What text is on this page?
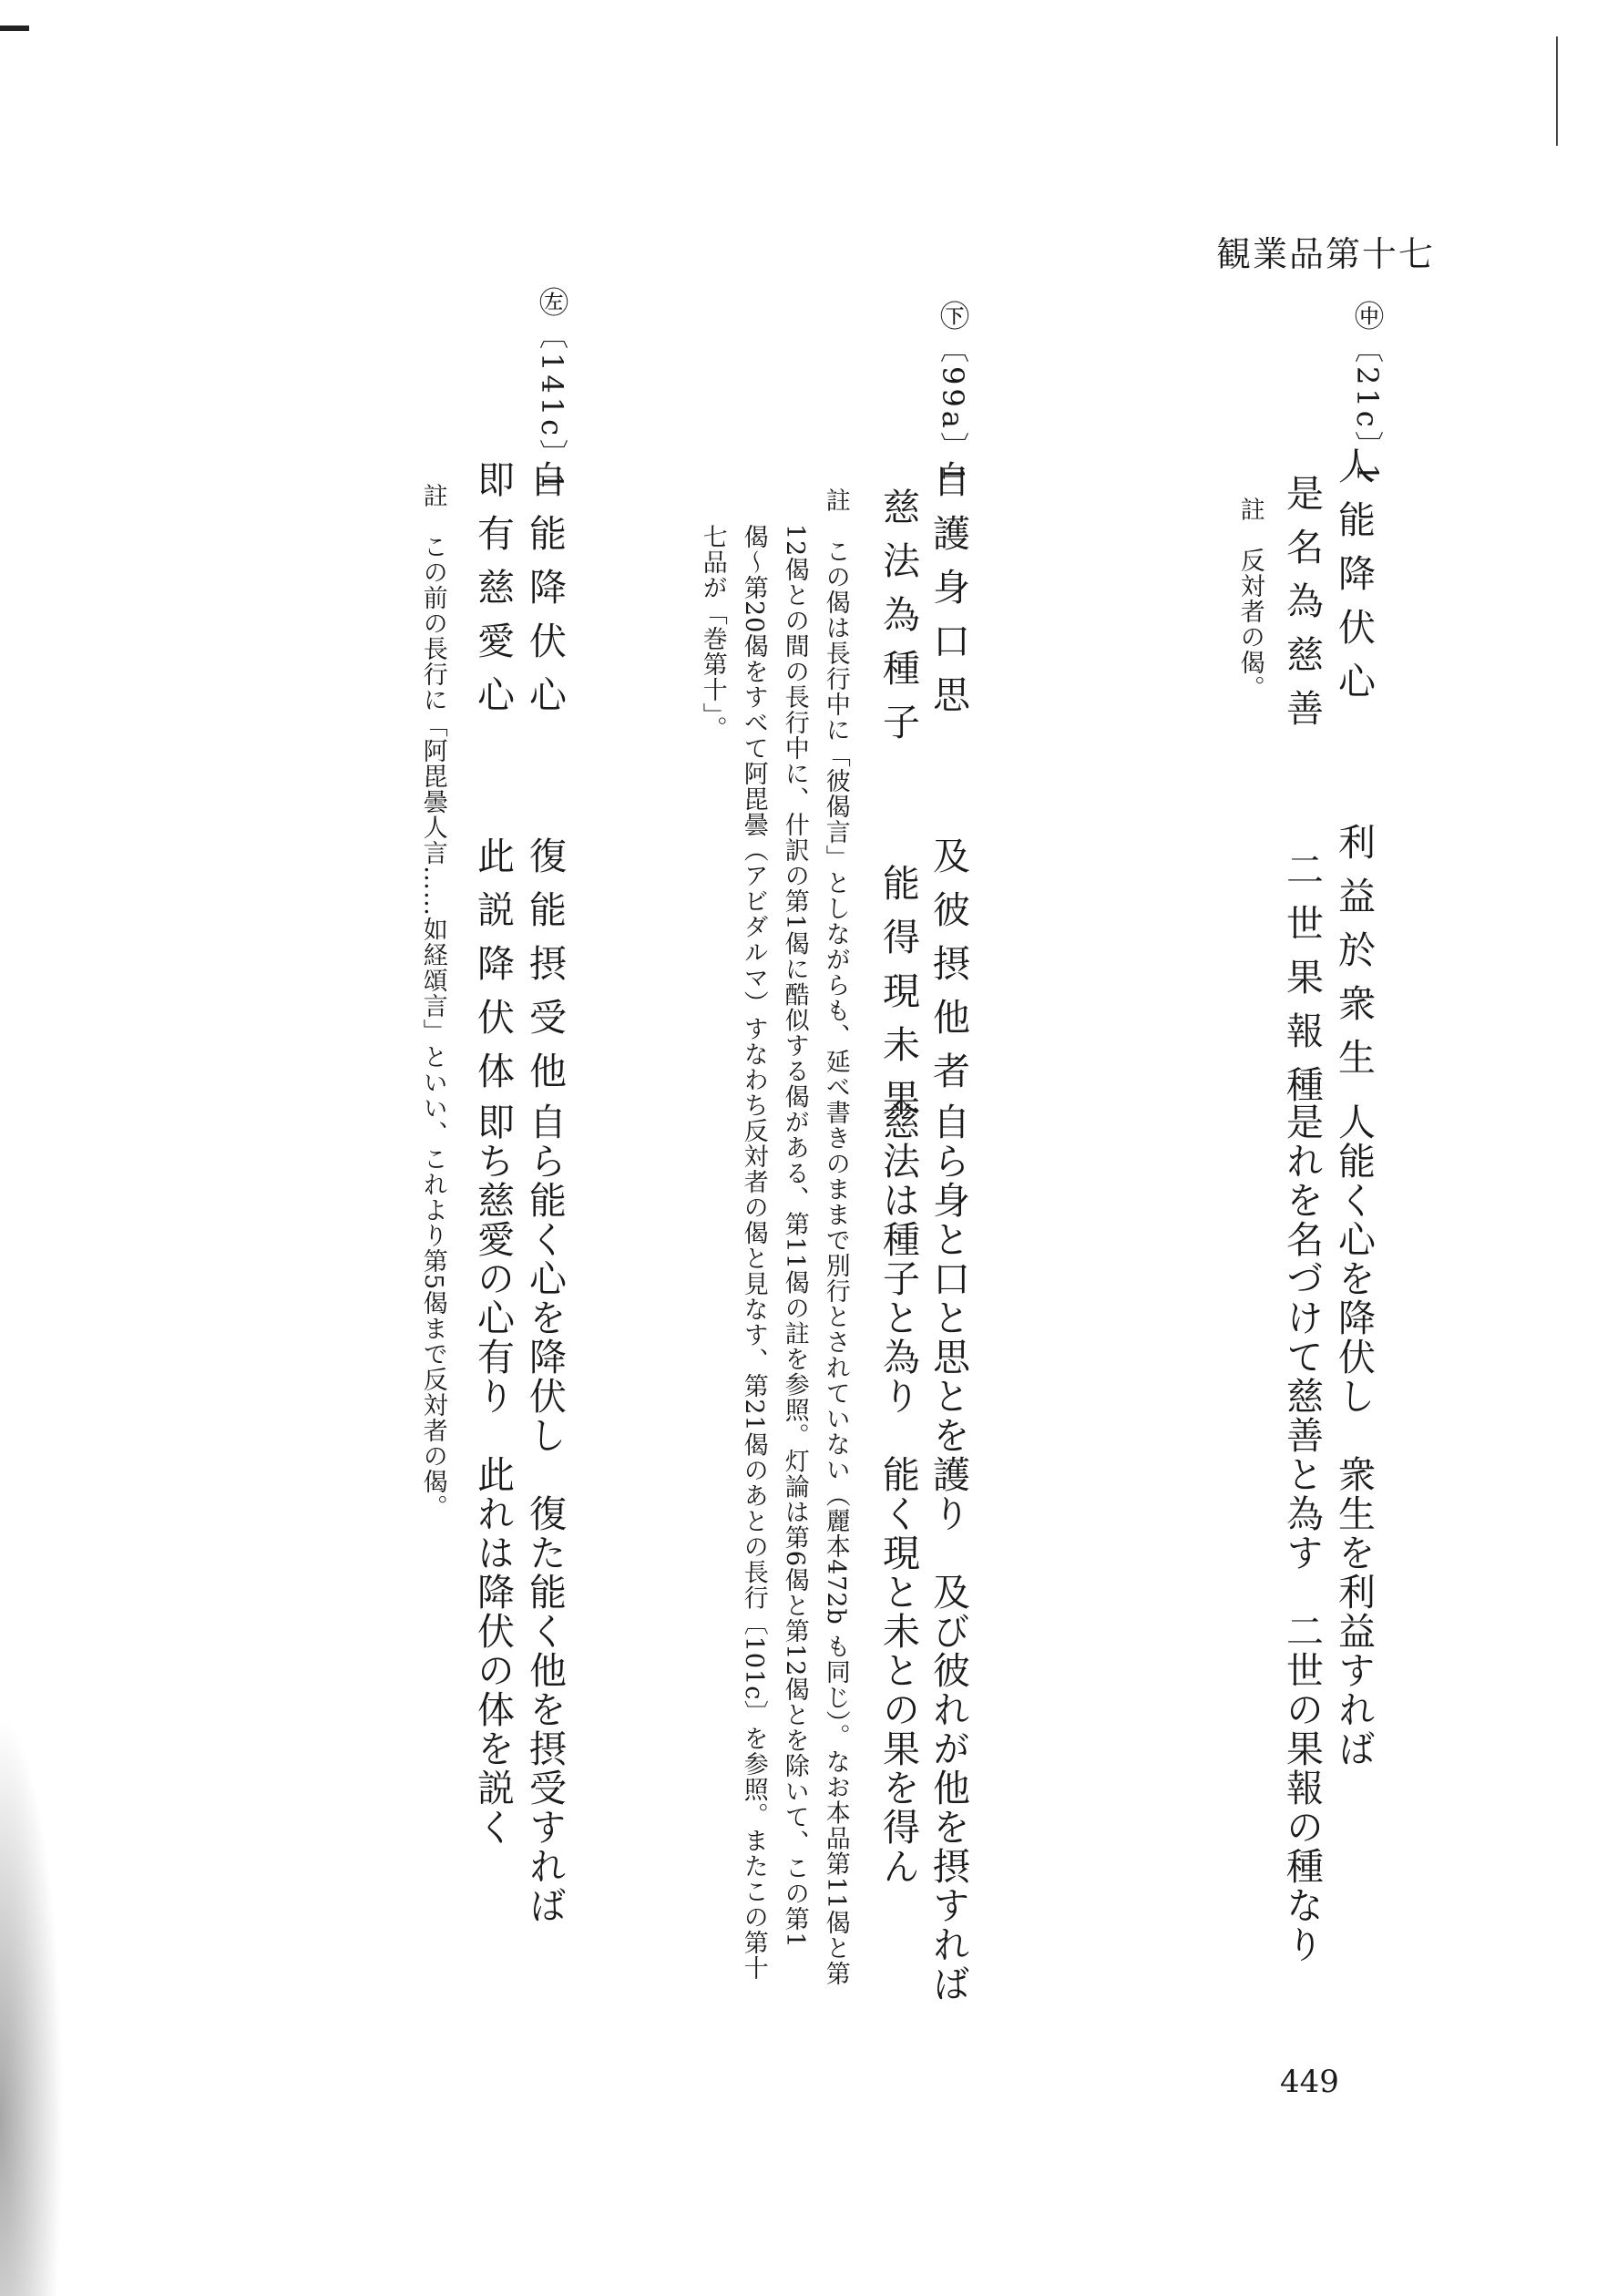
観業品第十七
㊥〔21c〕1
人能降伏心　　利益於衆生
是名為慈善　　二世果報種
註　反対者の偈。
人能く心を降伏し　衆生を利益すれば
是れを名づけて慈善と為す　二世の果報の種なり
㊦〔99a〕1
自護身口思　　及彼摂他者
慈法為種子　　能得現未果
自ら身と口と思とを護り　及び彼れが他を摂すれば
慈法は種子と為り　能く現と未との果を得ん
註　この偈は長行中に「彼偈言」としながらも、延べ書きのままで別行とされていない（麗本472b も同じ）。なお本品第11偈と第
12偈との間の長行中に、什訳の第1偈に酷似する偈がある、第11偈の註を参照。灯論は第6偈と第12偈とを除いて、この第1
偈～第20偈をすべて阿毘曇（アビダルマ）すなわち反対者の偈と見なす、第21偈のあとの長行〔101c〕を参照。またこの第十
七品が「巻第十」。
㊧〔141c〕1
自能降伏心　　復能摂受他
即有慈愛心　　此説降伏体
自ら能く心を降伏し　復た能く他を摂受すれば
即ち慈愛の心有り　此れは降伏の体を説く
註　この前の長行に「阿毘曇人言……如経頌言」といい、これより第5偈まで反対者の偈。
449
